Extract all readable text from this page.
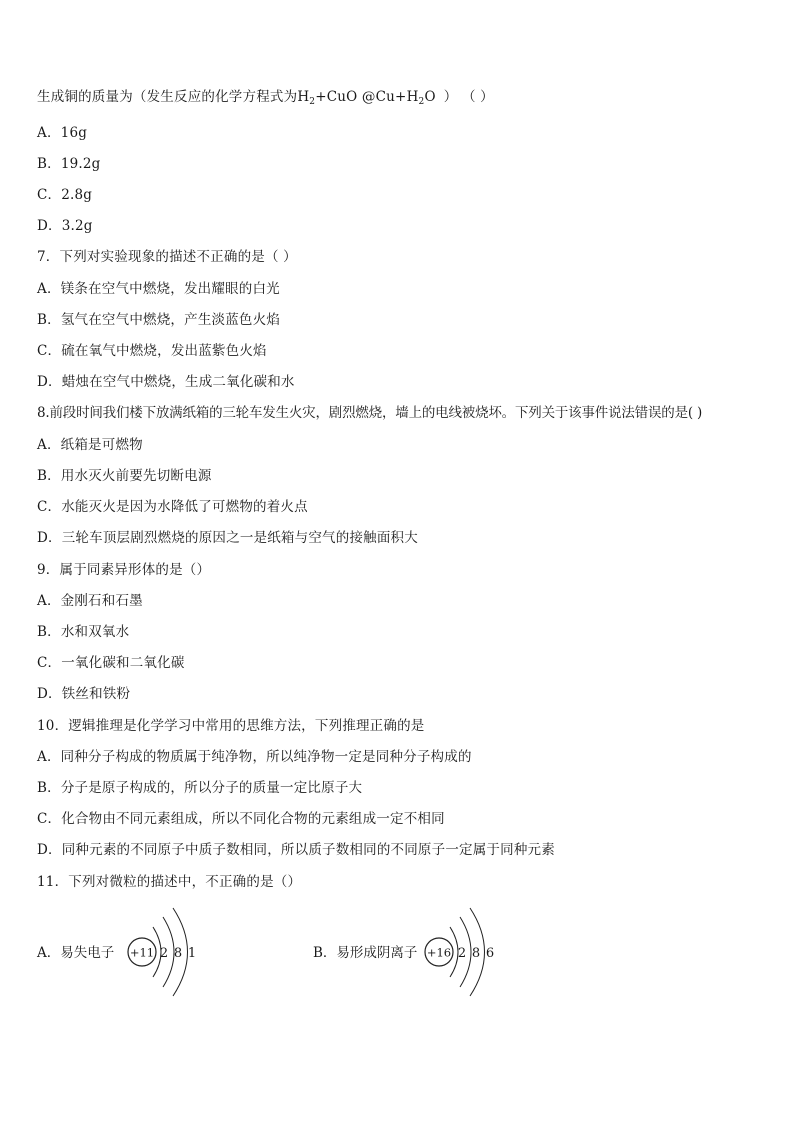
生成铜的质量为（发生反应的化学方程式为$H_2+CuO$ $@Cu+H_2O$ ） （ ）
A．16g
B．19.2g
C．2.8g
D．3.2g
7．下列对实验现象的描述不正确的是（ ）
A．镁条在空气中燃烧，发出耀眼的白光
B．氢气在空气中燃烧，产生淡蓝色火焰
C．硫在氧气中燃烧，发出蓝紫色火焰
D．蜡烛在空气中燃烧，生成二氧化碳和水
8.前段时间我们楼下放满纸箱的三轮车发生火灾，剧烈燃烧，墙上的电线被烧坏。下列关于该事件说法错误的是( )
A．纸箱是可燃物
B．用水灭火前要先切断电源
C．水能灭火是因为水降低了可燃物的着火点
D．三轮车顶层剧烈燃烧的原因之一是纸箱与空气的接触面积大
9．属于同素异形体的是（）
A．金刚石和石墨
B．水和双氧水
C．一氧化碳和二氧化碳
D．铁丝和铁粉
10．逻辑推理是化学学习中常用的思维方法，下列推理正确的是
A．同种分子构成的物质属于纯净物，所以纯净物一定是同种分子构成的
B．分子是原子构成的，所以分子的质量一定比原子大
C．化合物由不同元素组成，所以不同化合物的元素组成一定不相同
D．同种元素的不同原子中质子数相同，所以质子数相同的不同原子一定属于同种元素
11．下列对微粒的描述中，不正确的是（）
A．易失电子 +11 2 8 1	B．易形成阴离子 +16 2 8 6
